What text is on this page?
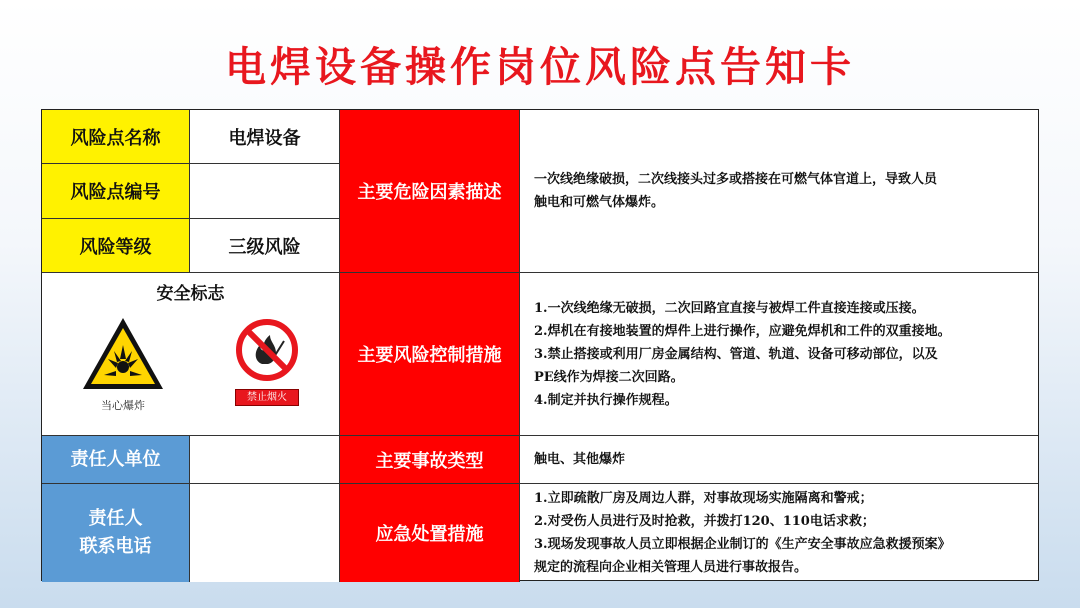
电焊设备操作岗位风险点告知卡
风险点名称	电焊设备
风险点编号
风险等级	三级风险
安全标志
当心爆炸
禁止烟火
责任人单位
责任人
联系电话
主要危险因素描述
主要风险控制措施
主要事故类型
应急处置措施
一次线绝缘破损，二次线接头过多或搭接在可燃气体官道上，导致人员
触电和可燃气体爆炸。
1.一次线绝缘无破损，二次回路宜直接与被焊工件直接连接或压接。
2.焊机在有接地装置的焊件上进行操作，应避免焊机和工件的双重接地。
3.禁止搭接或利用厂房金属结构、管道、轨道、设备可移动部位，以及
PE线作为焊接二次回路。
4.制定并执行操作规程。
触电、其他爆炸
1.立即疏散厂房及周边人群，对事故现场实施隔离和警戒；
2.对受伤人员进行及时抢救，并拨打120、110电话求救；
3.现场发现事故人员立即根据企业制订的《生产安全事故应急救援预案》
规定的流程向企业相关管理人员进行事故报告。
